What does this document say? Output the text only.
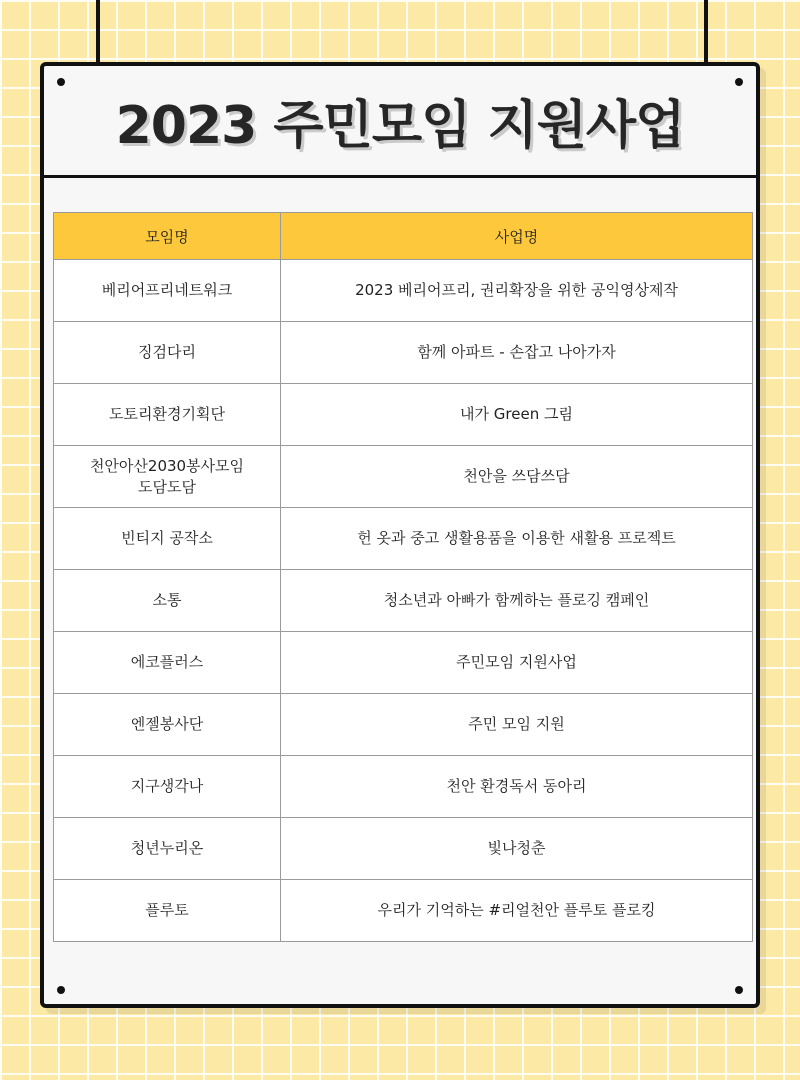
2023 주민모임 지원사업
모임명	사업명
베리어프리네트워크	2023 베리어프리, 권리확장을 위한 공익영상제작
징검다리	함께 아파트 - 손잡고 나아가자
도토리환경기획단	내가 Green 그림
천안아산2030봉사모임
도담도담	천안을 쓰담쓰담
빈티지 공작소	헌 옷과 중고 생활용품을 이용한 새활용 프로젝트
소통	청소년과 아빠가 함께하는 플로깅 캠페인
에코플러스	주민모임 지원사업
엔젤봉사단	주민 모임 지원
지구생각나	천안 환경독서 동아리
청년누리온	빛나청춘
플루토	우리가 기억하는 #리얼천안 플루토 플로킹
